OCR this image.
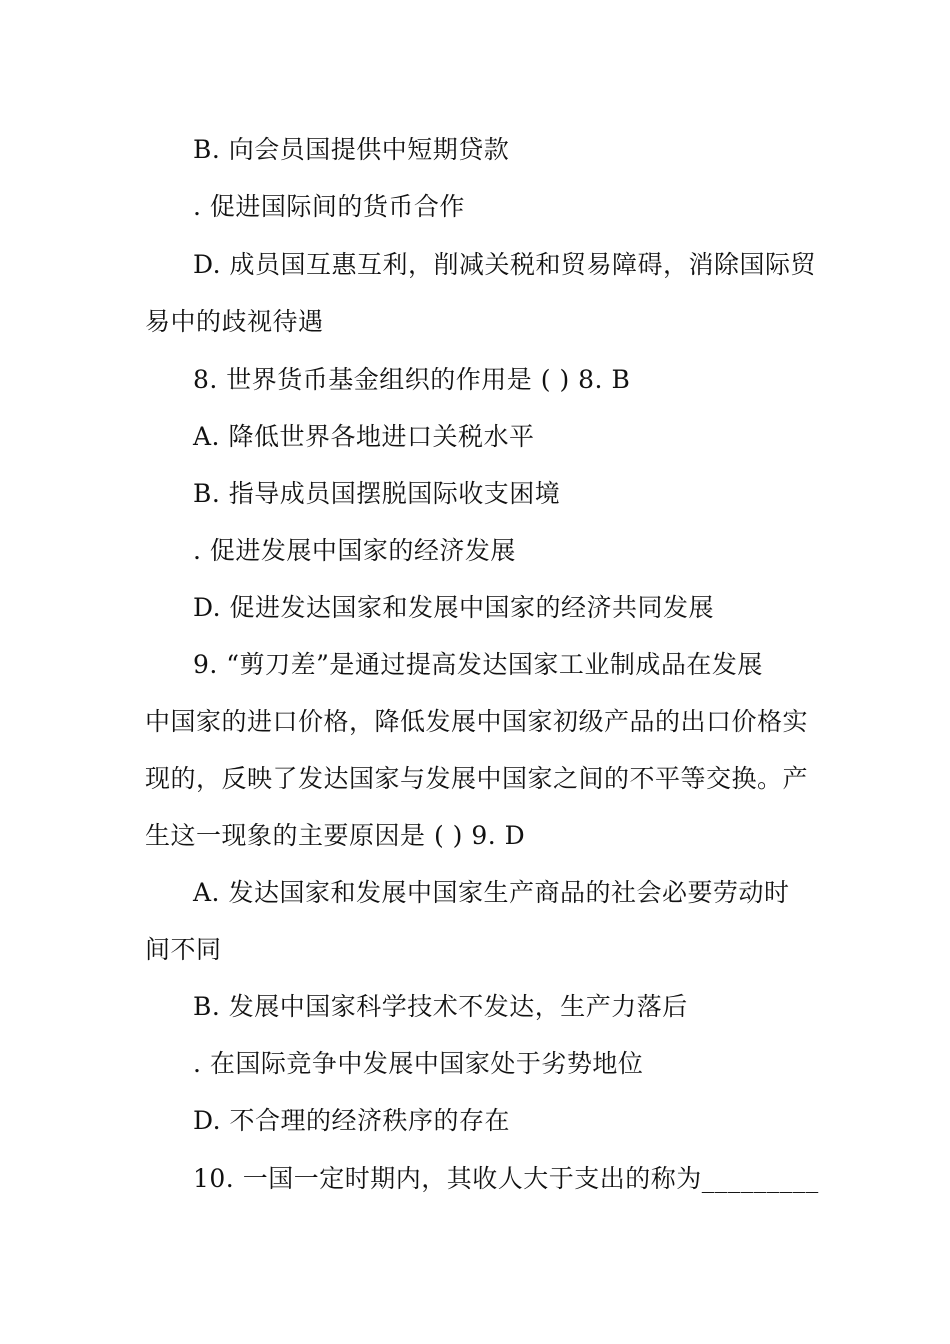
B. 向会员国提供中短期贷款
. 促进国际间的货币合作
D. 成员国互惠互利，削减关税和贸易障碍，消除国际贸
易中的歧视待遇
8. 世界货币基金组织的作用是 ( ) 8. B
A. 降低世界各地进口关税水平
B. 指导成员国摆脱国际收支困境
. 促进发展中国家的经济发展
D. 促进发达国家和发展中国家的经济共同发展
9. “剪刀差”是通过提高发达国家工业制成品在发展
中国家的进口价格，降低发展中国家初级产品的出口价格实
现的，反映了发达国家与发展中国家之间的不平等交换。产
生这一现象的主要原因是 ( ) 9. D
A. 发达国家和发展中国家生产商品的社会必要劳动时
间不同
B. 发展中国家科学技术不发达，生产力落后
. 在国际竞争中发展中国家处于劣势地位
D. 不合理的经济秩序的存在
10. 一国一定时期内，其收人大于支出的称为_________
